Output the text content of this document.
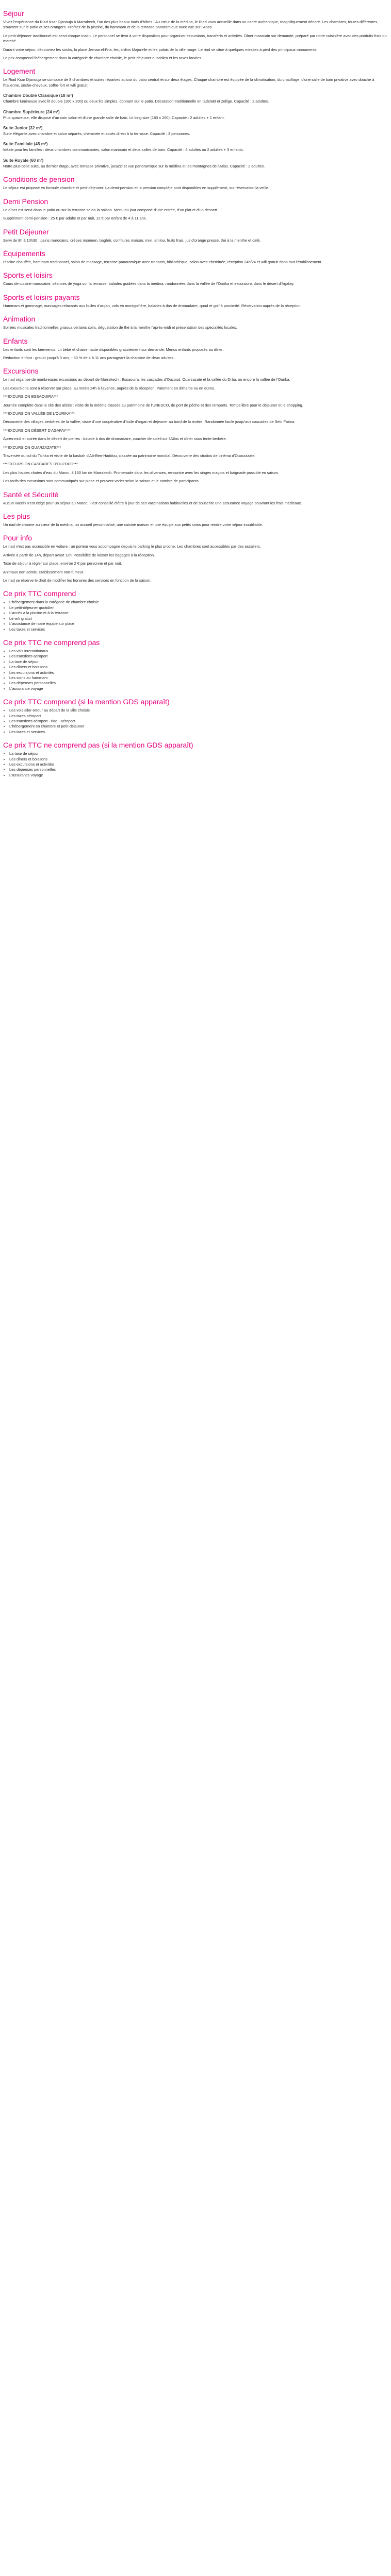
Séjour

Vivez l'expérience du Riad Ksar Djanouja à Marrakech, l'un des plus beaux riads d'hôtes ! Au cœur de la médina, le Riad vous accueille dans un cadre authentique, magnifiquement décoré. Les chambres, toutes différentes, s'ouvrent sur le patio et ses orangers. Profitez de la piscine, du hammam et de la terrasse panoramique avec vue sur l'Atlas.

Le petit-déjeuner traditionnel est servi chaque matin. Le personnel se tient à votre disposition pour organiser excursions, transferts et activités. Dîner marocain sur demande, préparé par notre cuisinière avec des produits frais du marché.

Durant votre séjour, découvrez les souks, la place Jemaa el-Fna, les jardins Majorelle et les palais de la ville rouge. Le riad se situe à quelques minutes à pied des principaux monuments.

Le prix comprend l'hébergement dans la catégorie de chambre choisie, le petit-déjeuner quotidien et les taxes locales.

Logement

Le Riad Ksar Djanouja se compose de 8 chambres et suites réparties autour du patio central et sur deux étages. Chaque chambre est équipée de la climatisation, du chauffage, d'une salle de bain privative avec douche à l'italienne, sèche-cheveux, coffre-fort et wifi gratuit.

Chambre Double Classique (18 m²)

Chambre lumineuse avec lit double (160 x 200) ou deux lits simples, donnant sur le patio. Décoration traditionnelle en tadelakt et zellige. Capacité : 2 adultes.

Chambre Supérieure (24 m²)

Plus spacieuse, elle dispose d'un coin salon et d'une grande salle de bain. Lit king size (180 x 200). Capacité : 2 adultes + 1 enfant.

Suite Junior (32 m²)

Suite élégante avec chambre et salon séparés, cheminée et accès direct à la terrasse. Capacité : 3 personnes.

Suite Familiale (45 m²)

Idéale pour les familles : deux chambres communicantes, salon marocain et deux salles de bain. Capacité : 4 adultes ou 2 adultes + 3 enfants.

Suite Royale (60 m²)

Notre plus belle suite, au dernier étage, avec terrasse privative, jacuzzi et vue panoramique sur la médina et les montagnes de l'Atlas. Capacité : 2 adultes.

Conditions de pension

Le séjour est proposé en formule chambre et petit-déjeuner. La demi-pension et la pension complète sont disponibles en supplément, sur réservation la veille.

Demi Pension

Le dîner est servi dans le patio ou sur la terrasse selon la saison. Menu du jour composé d'une entrée, d'un plat et d'un dessert.

Supplément demi-pension : 25 € par adulte et par nuit, 12 € par enfant de 4 à 11 ans.

Petit Déjeuner

Servi de 8h à 10h30 : pains marocains, crêpes msemen, baghrir, confitures maison, miel, amlou, fruits frais, jus d'orange pressé, thé à la menthe et café.

Équipements

Piscine chauffée, hammam traditionnel, salon de massage, terrasse panoramique avec transats, bibliothèque, salon avec cheminée, réception 24h/24 et wifi gratuit dans tout l'établissement.

Sports et loisirs

Cours de cuisine marocaine, séances de yoga sur la terrasse, balades guidées dans la médina, randonnées dans la vallée de l'Ourika et excursions dans le désert d'Agafay.

Sports et loisirs payants

Hammam et gommage, massages relaxants aux huiles d'argan, vols en montgolfière, balades à dos de dromadaire, quad et golf à proximité. Réservation auprès de la réception.

Animation

Soirées musicales traditionnelles gnaoua certains soirs, dégustation de thé à la menthe l'après-midi et présentation des spécialités locales.

Enfants

Les enfants sont les bienvenus. Lit bébé et chaise haute disponibles gratuitement sur demande. Menus enfants proposés au dîner.

Réduction enfant : gratuit jusqu'à 3 ans, - 50 % de 4 à 11 ans partageant la chambre de deux adultes.

Excursions

Le riad organise de nombreuses excursions au départ de Marrakech : Essaouira, les cascades d'Ouzoud, Ouarzazate et la vallée du Drâa, ou encore la vallée de l'Ourika.

Les excursions sont à réserver sur place, au moins 24h à l'avance, auprès de la réception. Paiement en dirhams ou en euros.

***EXCURSION ESSAOUIRA***

Journée complète dans la cité des alizés : visite de la médina classée au patrimoine de l'UNESCO, du port de pêche et des remparts. Temps libre pour le déjeuner et le shopping.

***EXCURSION VALLÉE DE L'OURIKA***

Découverte des villages berbères de la vallée, visite d'une coopérative d'huile d'argan et déjeuner au bord de la rivière. Randonnée facile jusqu'aux cascades de Setti Fatma.

***EXCURSION DÉSERT D'AGAFAY***

Après-midi et soirée dans le désert de pierres : balade à dos de dromadaire, coucher de soleil sur l'Atlas et dîner sous tente berbère.

***EXCURSION OUARZAZATE***

Traversée du col du Tichka et visite de la kasbah d'Aït-Ben-Haddou, classée au patrimoine mondial. Découverte des studios de cinéma d'Ouarzazate.

***EXCURSION CASCADES D'OUZOUD***

Les plus hautes chutes d'eau du Maroc, à 150 km de Marrakech. Promenade dans les oliveraies, rencontre avec les singes magots et baignade possible en saison.

Les tarifs des excursions sont communiqués sur place et peuvent varier selon la saison et le nombre de participants.

Santé et Sécurité

Aucun vaccin n'est exigé pour un séjour au Maroc. Il est conseillé d'être à jour de ses vaccinations habituelles et de souscrire une assurance voyage couvrant les frais médicaux.

Les plus

Un riad de charme au cœur de la médina, un accueil personnalisé, une cuisine maison et une équipe aux petits soins pour rendre votre séjour inoubliable.

Pour info

Le riad n'est pas accessible en voiture : un porteur vous accompagne depuis le parking le plus proche. Les chambres sont accessibles par des escaliers.

Arrivée à partir de 14h, départ avant 12h. Possibilité de laisser les bagages à la réception.

Taxe de séjour à régler sur place, environ 2 € par personne et par nuit.

Animaux non admis. Établissement non-fumeur.

Le riad se réserve le droit de modifier les horaires des services en fonction de la saison.

Ce prix TTC comprend
• L'hébergement dans la catégorie de chambre choisie
• Le petit-déjeuner quotidien
• L'accès à la piscine et à la terrasse
• Le wifi gratuit
• L'assistance de notre équipe sur place
• Les taxes et services
Ce prix TTC ne comprend pas
• Les vols internationaux
• Les transferts aéroport
• La taxe de séjour
• Les dîners et boissons
• Les excursions et activités
• Les soins au hammam
• Les dépenses personnelles
• L'assurance voyage
Ce prix TTC comprend (si la mention GDS apparaît)
• Les vols aller-retour au départ de la ville choisie
• Les taxes aéroport
• Les transferts aéroport - riad - aéroport
• L'hébergement en chambre et petit-déjeuner
• Les taxes et services
Ce prix TTC ne comprend pas (si la mention GDS apparaît)
• La taxe de séjour
• Les dîners et boissons
• Les excursions et activités
• Les dépenses personnelles
• L'assurance voyage
